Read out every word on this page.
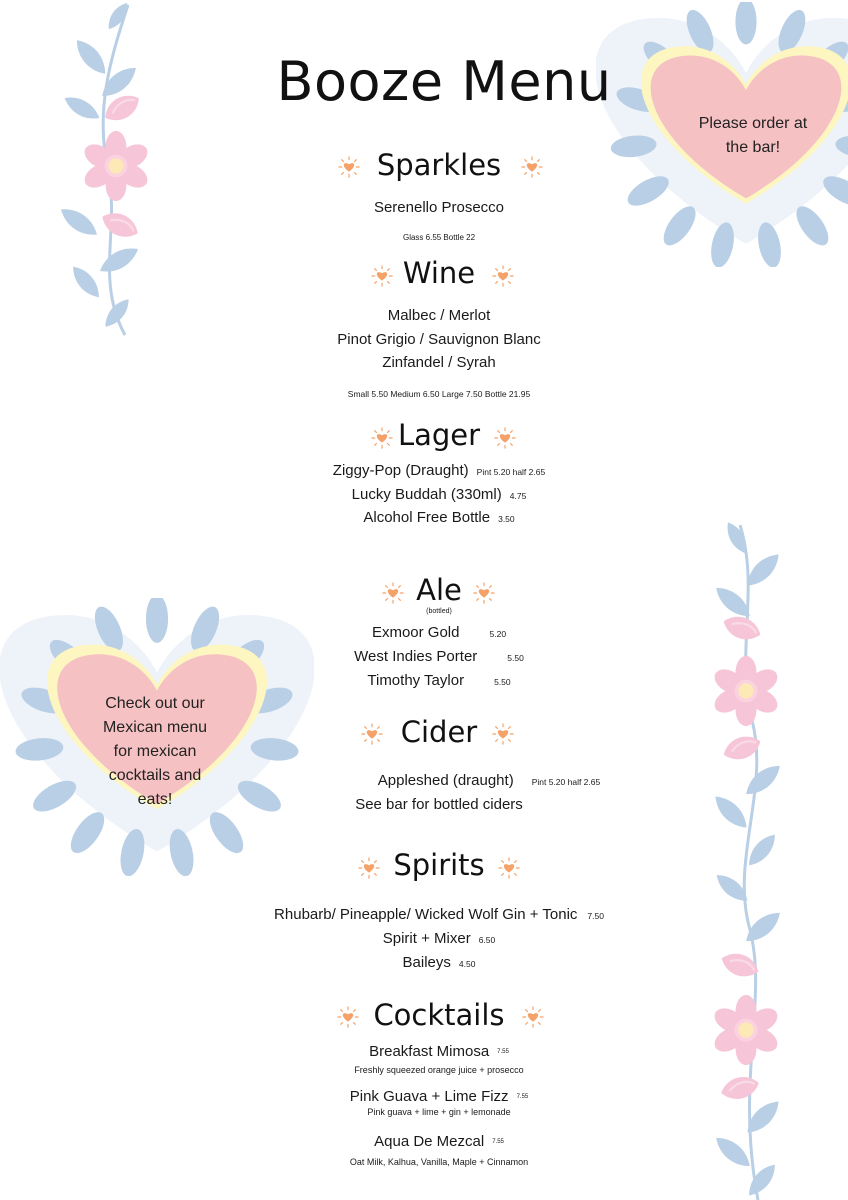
Booze Menu
Please order at the bar!
Check out our Mexican menu for mexican cocktails and eats!
Sparkles
Serenello Prosecco
Glass 6.55 Bottle 22
Wine
Malbec / Merlot
Pinot Grigio / Sauvignon Blanc
Zinfandel / Syrah
Small 5.50 Medium 6.50 Large 7.50 Bottle 21.95
Lager
Ziggy-Pop (Draught) Pint 5.20 half 2.65
Lucky Buddah (330ml) 4.75
Alcohol Free Bottle 3.50
Ale
(bottled)
Exmoor Gold	5.20
West Indies Porter	5.50
Timothy Taylor	5.50
Cider
Appleshed (draught) Pint 5.20 half 2.65
See bar for bottled ciders
Spirits
Rhubarb/ Pineapple/ Wicked Wolf Gin + Tonic 7.50
Spirit + Mixer 6.50
Baileys 4.50
Cocktails
Breakfast Mimosa 7.55
Freshly squeezed orange juice + prosecco
Pink Guava + Lime Fizz 7.55
Pink guava + lime + gin + lemonade
Aqua De Mezcal 7.55
Oat Milk, Kalhua, Vanilla, Maple + Cinnamon
